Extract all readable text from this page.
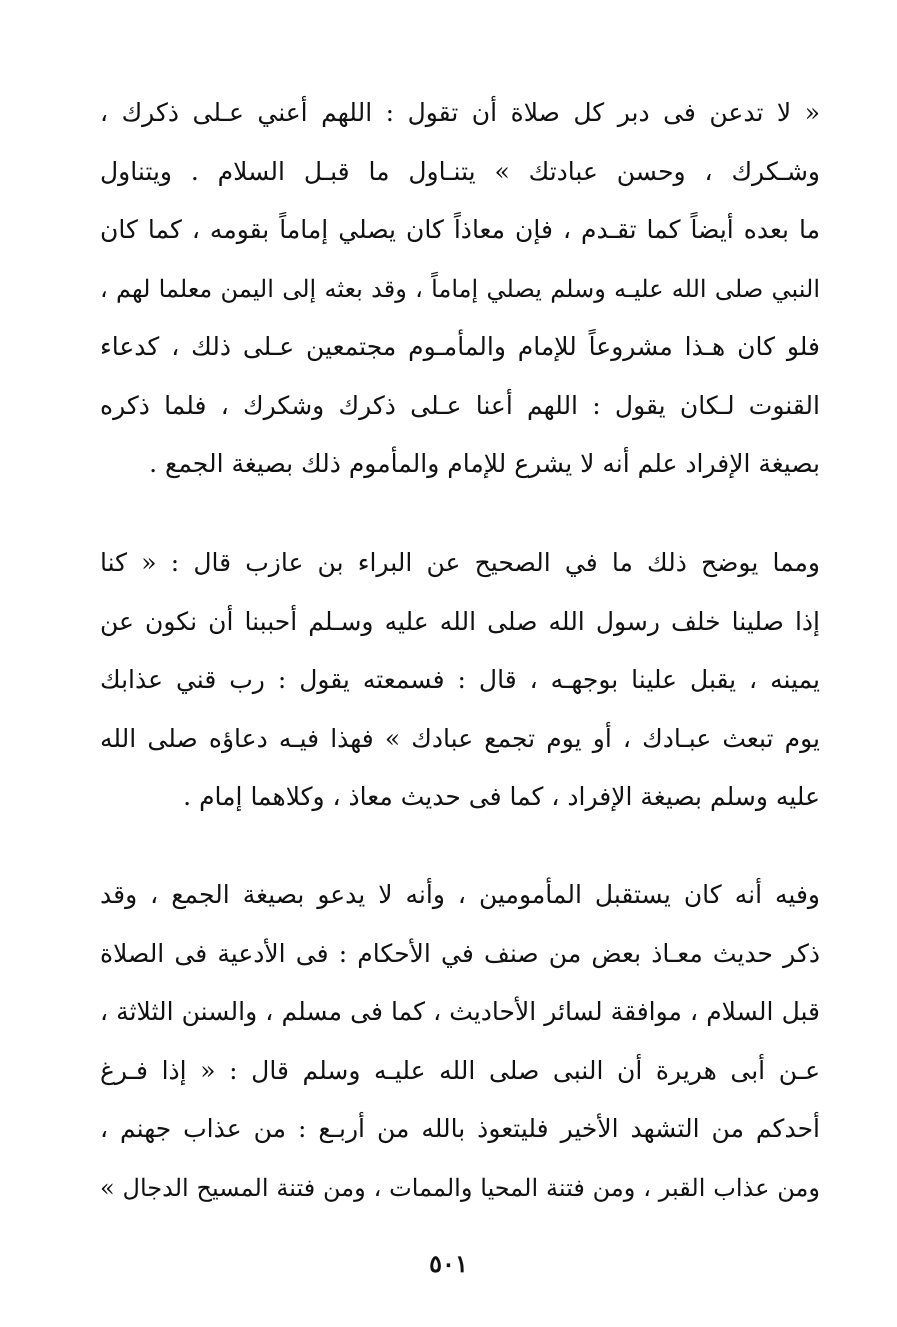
« لا تدعن فى دبر كل صلاة أن تقول : اللهم أعني عـلى ذكرك ،
وشـكرك ، وحسن عبادتك » يتنـاول ما قبـل السلام . ويتناول
ما بعده أيضاً كما تقـدم ، فإن معاذاً كان يصلي إماماً بقومه ، كما كان
النبي صلى الله عليـه وسلم يصلي إماماً ، وقد بعثه إلى اليمن معلما لهم ،
فلو كان هـذا مشروعاً للإمام والمأمـوم مجتمعين عـلى ذلك ، كدعاء
القنوت لـكان يقول : اللهم أعنا عـلى ذكرك وشكرك ، فلما ذكره
بصيغة الإفراد علم أنه لا يشرع للإمام والمأموم ذلك بصيغة الجمع .
ومما يوضح ذلك ما في الصحيح عن البراء بن عازب قال : « كنا
إذا صلينا خلف رسول الله صلى الله عليه وسـلم أحببنا أن نكون عن
يمينه ، يقبل علينا بوجهـه ، قال : فسمعته يقول : رب قني عذابك
يوم تبعث عبـادك ، أو يوم تجمع عبادك » فهذا فيـه دعاؤه صلى الله
عليه وسلم بصيغة الإفراد ، كما فى حديث معاذ ، وكلاهما إمام .
وفيه أنه كان يستقبل المأمومين ، وأنه لا يدعو بصيغة الجمع ، وقد
ذكر حديث معـاذ بعض من صنف في الأحكام : فى الأدعية فى الصلاة
قبل السلام ، موافقة لسائر الأحاديث ، كما فى مسلم ، والسنن الثلاثة ،
عـن أبى هريرة أن النبى صلى الله عليـه وسلم قال : « إذا فـرغ
أحدكم من التشهد الأخير فليتعوذ بالله من أربـع : من عذاب جهنم ،
ومن عذاب القبر ، ومن فتنة المحيا والممات ، ومن فتنة المسيح الدجال »
٥٠١
